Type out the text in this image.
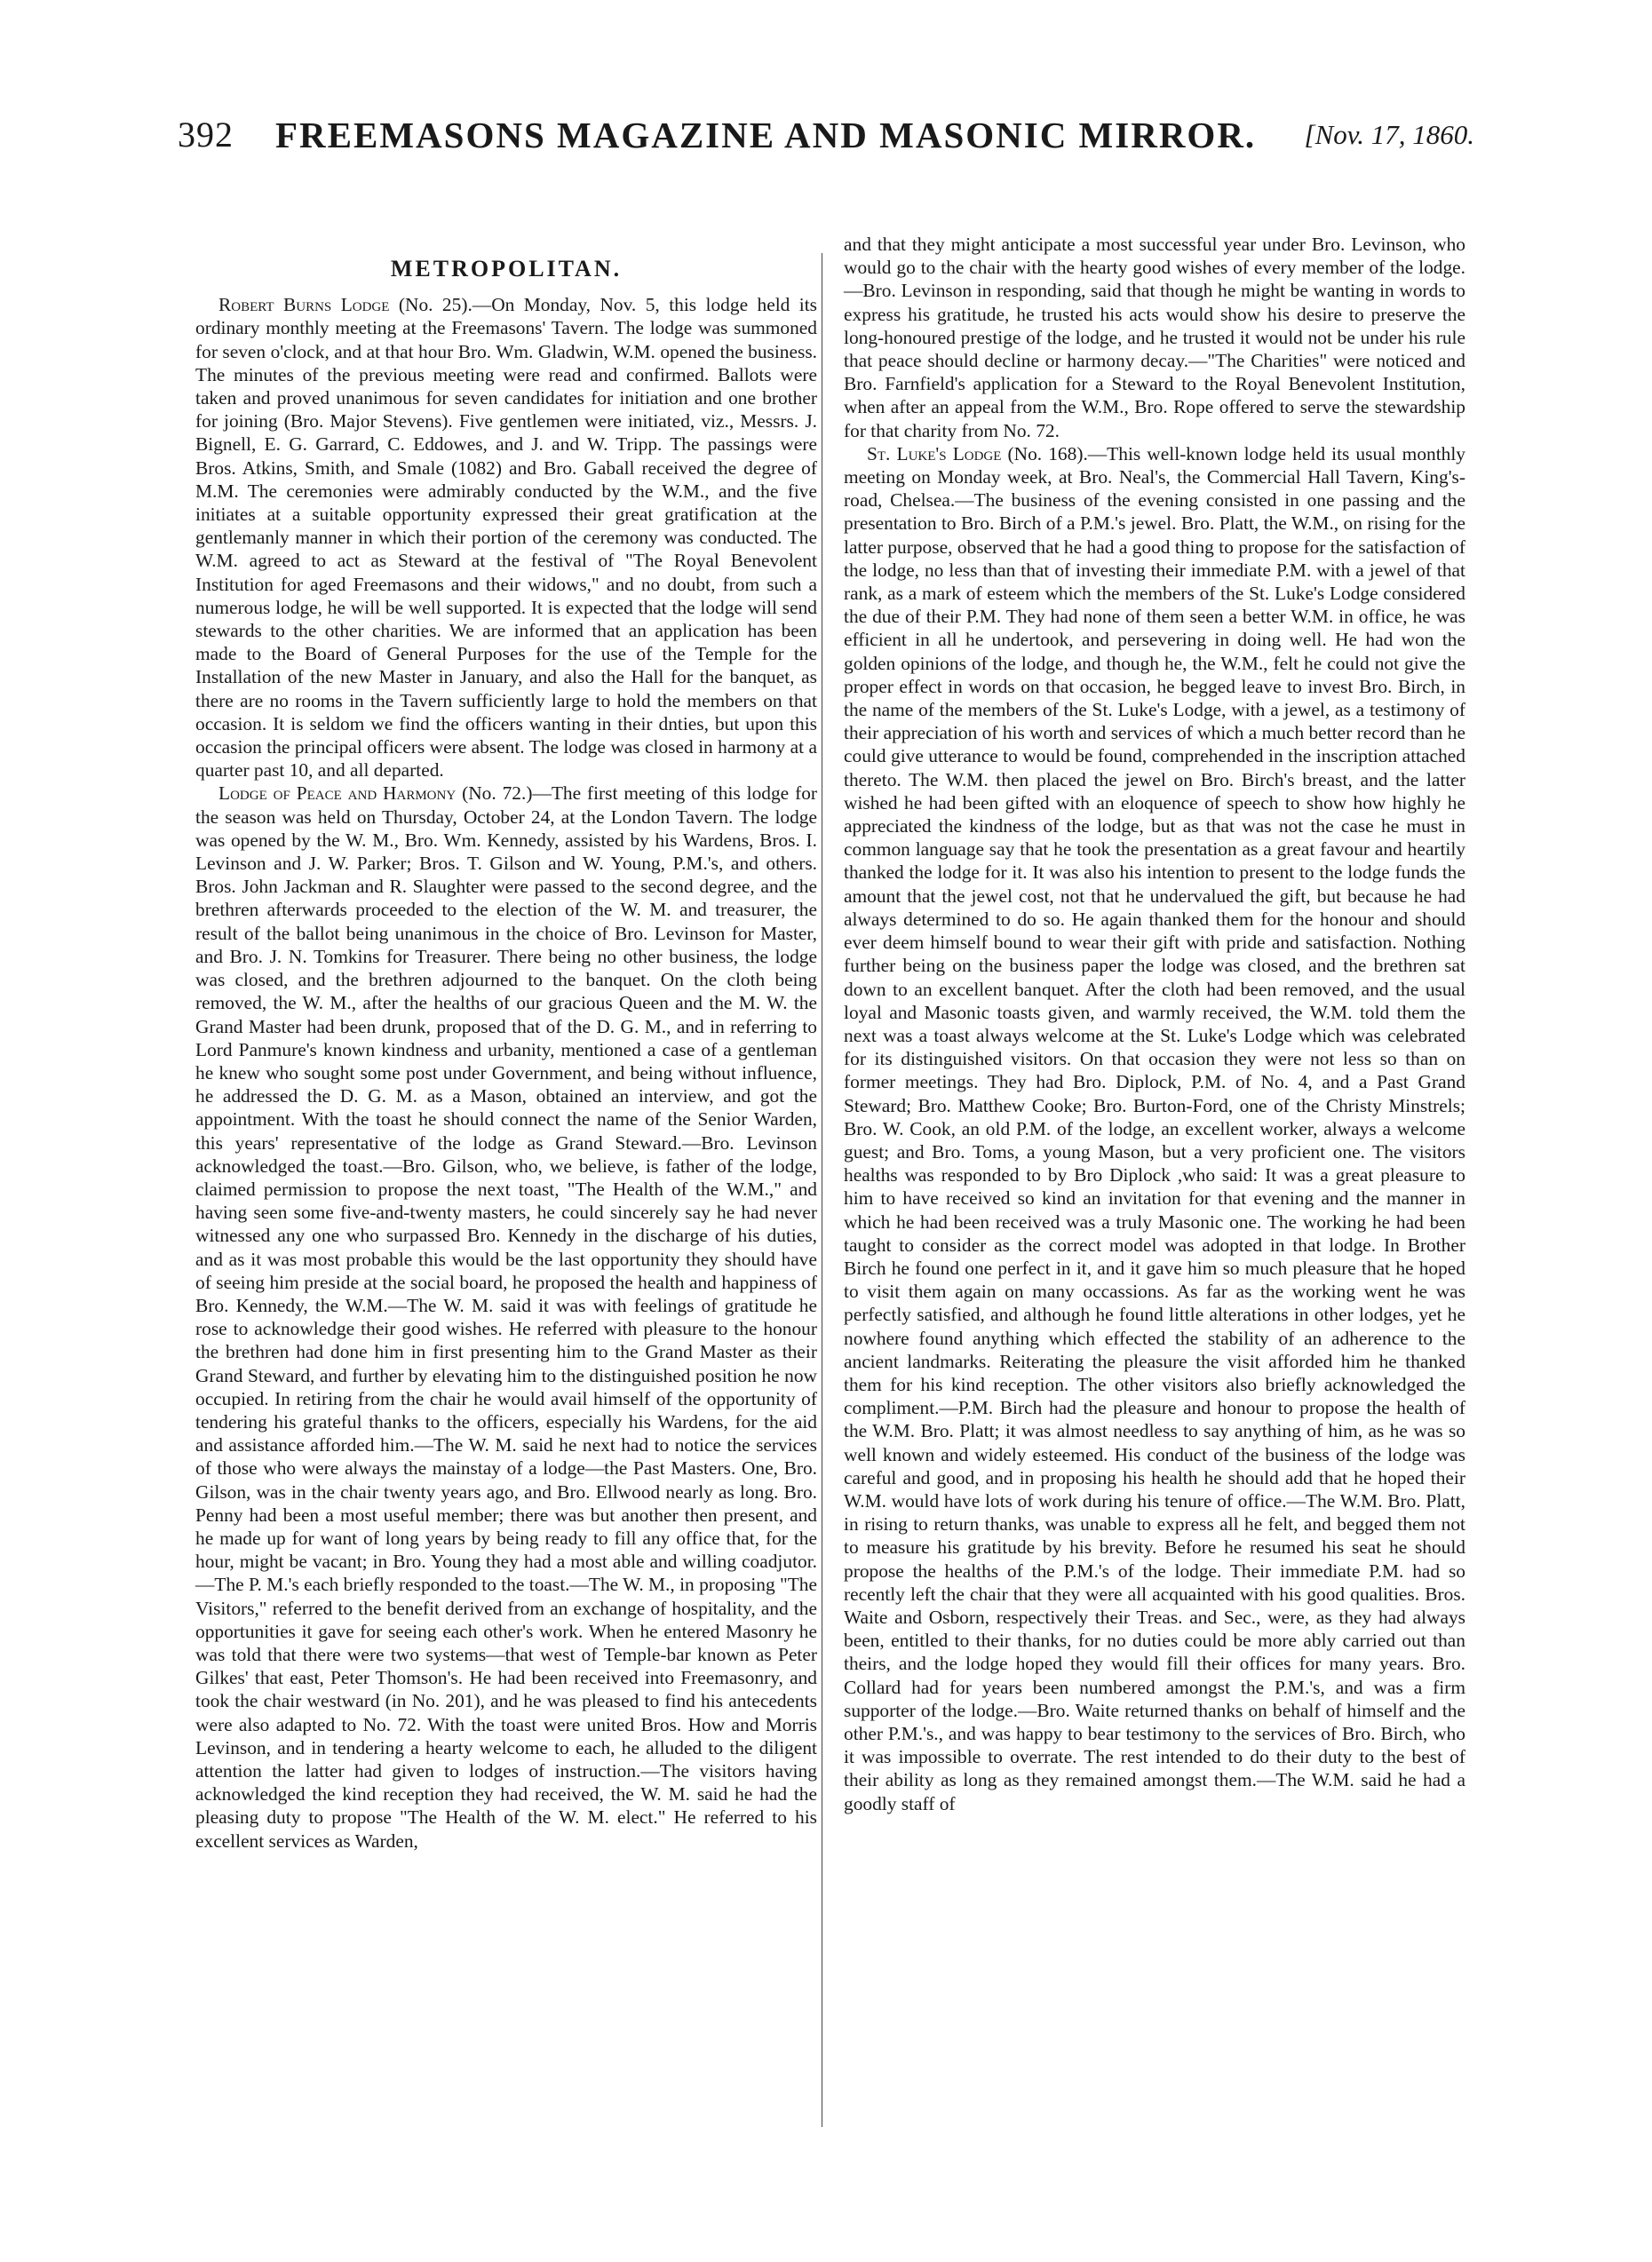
392 FREEMASONS MAGAZINE AND MASONIC MIRROR. [Nov. 17, 1860.
METROPOLITAN.

Robert Burns Lodge (No. 25).—On Monday, Nov. 5, this lodge held its ordinary monthly meeting at the Freemasons' Tavern. The lodge was summoned for seven o'clock, and at that hour Bro. Wm. Gladwin, W.M. opened the business. The minutes of the previous meeting were read and confirmed. Ballots were taken and proved unanimous for seven candidates for initiation and one brother for joining (Bro. Major Stevens). Five gentlemen were initiated, viz., Messrs. J. Bignell, E. G. Garrard, C. Eddowes, and J. and W. Tripp. The passings were Bros. Atkins, Smith, and Smale (1082) and Bro. Gaball received the degree of M.M. The ceremonies were admirably conducted by the W.M., and the five initiates at a suitable opportunity expressed their great gratification at the gentlemanly manner in which their portion of the ceremony was conducted. The W.M. agreed to act as Steward at the festival of "The Royal Benevolent Institution for aged Freemasons and their widows," and no doubt, from such a numerous lodge, he will be well supported. It is expected that the lodge will send stewards to the other charities. We are informed that an application has been made to the Board of General Purposes for the use of the Temple for the Installation of the new Master in January, and also the Hall for the banquet, as there are no rooms in the Tavern sufficiently large to hold the members on that occasion. It is seldom we find the officers wanting in their dnties, but upon this occasion the principal officers were absent. The lodge was closed in harmony at a quarter past 10, and all departed.

Lodge of Peace and Harmony (No. 72.)—The first meeting of this lodge for the season was held on Thursday, October 24, at the London Tavern. The lodge was opened by the W. M., Bro. Wm. Kennedy, assisted by his Wardens, Bros. I. Levinson and J. W. Parker; Bros. T. Gilson and W. Young, P.M.'s, and others. Bros. John Jackman and R. Slaughter were passed to the second degree, and the brethren afterwards proceeded to the election of the W. M. and treasurer, the result of the ballot being unanimous in the choice of Bro. Levinson for Master, and Bro. J. N. Tomkins for Treasurer. There being no other business, the lodge was closed, and the brethren adjourned to the banquet. On the cloth being removed, the W. M., after the healths of our gracious Queen and the M. W. the Grand Master had been drunk, proposed that of the D. G. M., and in referring to Lord Panmure's known kindness and urbanity, mentioned a case of a gentleman he knew who sought some post under Government, and being without influence, he addressed the D. G. M. as a Mason, obtained an interview, and got the appointment. With the toast he should connect the name of the Senior Warden, this years' representative of the lodge as Grand Steward.—Bro. Levinson acknowledged the toast.—Bro. Gilson, who, we believe, is father of the lodge, claimed permission to propose the next toast, "The Health of the W.M.," and having seen some five-and-twenty masters, he could sincerely say he had never witnessed any one who surpassed Bro. Kennedy in the discharge of his duties, and as it was most probable this would be the last opportunity they should have of seeing him preside at the social board, he proposed the health and happiness of Bro. Kennedy, the W.M.—The W. M. said it was with feelings of gratitude he rose to acknowledge their good wishes. He referred with pleasure to the honour the brethren had done him in first presenting him to the Grand Master as their Grand Steward, and further by elevating him to the distinguished position he now occupied. In retiring from the chair he would avail himself of the opportunity of tendering his grateful thanks to the officers, especially his Wardens, for the aid and assistance afforded him.—The W. M. said he next had to notice the services of those who were always the mainstay of a lodge—the Past Masters. One, Bro. Gilson, was in the chair twenty years ago, and Bro. Ellwood nearly as long. Bro. Penny had been a most useful member; there was but another then present, and he made up for want of long years by being ready to fill any office that, for the hour, might be vacant; in Bro. Young they had a most able and willing coadjutor.—The P. M.'s each briefly responded to the toast.—The W. M., in proposing "The Visitors," referred to the benefit derived from an exchange of hospitality, and the opportunities it gave for seeing each other's work. When he entered Masonry he was told that there were two systems—that west of Temple-bar known as Peter Gilkes' that east, Peter Thomson's. He had been received into Freemasonry, and took the chair westward (in No. 201), and he was pleased to find his antecedents were also adapted to No. 72. With the toast were united Bros. How and Morris Levinson, and in tendering a hearty welcome to each, he alluded to the diligent attention the latter had given to lodges of instruction.—The visitors having acknowledged the kind reception they had received, the W. M. said he had the pleasing duty to propose "The Health of the W. M. elect." He referred to his excellent services as Warden,

and that they might anticipate a most successful year under Bro. Levinson, who would go to the chair with the hearty good wishes of every member of the lodge.—Bro. Levinson in responding, said that though he might be wanting in words to express his gratitude, he trusted his acts would show his desire to preserve the long-honoured prestige of the lodge, and he trusted it would not be under his rule that peace should decline or harmony decay.—"The Charities" were noticed and Bro. Farnfield's application for a Steward to the Royal Benevolent Institution, when after an appeal from the W.M., Bro. Rope offered to serve the stewardship for that charity from No. 72.

St. Luke's Lodge (No. 168).—This well-known lodge held its usual monthly meeting on Monday week, at Bro. Neal's, the Commercial Hall Tavern, King's-road, Chelsea.—The business of the evening consisted in one passing and the presentation to Bro. Birch of a P.M.'s jewel. Bro. Platt, the W.M., on rising for the latter purpose, observed that he had a good thing to propose for the satisfaction of the lodge, no less than that of investing their immediate P.M. with a jewel of that rank, as a mark of esteem which the members of the St. Luke's Lodge considered the due of their P.M. They had none of them seen a better W.M. in office, he was efficient in all he undertook, and persevering in doing well. He had won the golden opinions of the lodge, and though he, the W.M., felt he could not give the proper effect in words on that occasion, he begged leave to invest Bro. Birch, in the name of the members of the St. Luke's Lodge, with a jewel, as a testimony of their appreciation of his worth and services of which a much better record than he could give utterance to would be found, comprehended in the inscription attached thereto. The W.M. then placed the jewel on Bro. Birch's breast, and the latter wished he had been gifted with an eloquence of speech to show how highly he appreciated the kindness of the lodge, but as that was not the case he must in common language say that he took the presentation as a great favour and heartily thanked the lodge for it. It was also his intention to present to the lodge funds the amount that the jewel cost, not that he undervalued the gift, but because he had always determined to do so. He again thanked them for the honour and should ever deem himself bound to wear their gift with pride and satisfaction. Nothing further being on the business paper the lodge was closed, and the brethren sat down to an excellent banquet. After the cloth had been removed, and the usual loyal and Masonic toasts given, and warmly received, the W.M. told them the next was a toast always welcome at the St. Luke's Lodge which was celebrated for its distinguished visitors. On that occasion they were not less so than on former meetings. They had Bro. Diplock, P.M. of No. 4, and a Past Grand Steward; Bro. Matthew Cooke; Bro. Burton-Ford, one of the Christy Minstrels; Bro. W. Cook, an old P.M. of the lodge, an excellent worker, always a welcome guest; and Bro. Toms, a young Mason, but a very proficient one. The visitors healths was responded to by Bro Diplock ,who said: It was a great pleasure to him to have received so kind an invitation for that evening and the manner in which he had been received was a truly Masonic one. The working he had been taught to consider as the correct model was adopted in that lodge. In Brother Birch he found one perfect in it, and it gave him so much pleasure that he hoped to visit them again on many occassions. As far as the working went he was perfectly satisfied, and although he found little alterations in other lodges, yet he nowhere found anything which effected the stability of an adherence to the ancient landmarks. Reiterating the pleasure the visit afforded him he thanked them for his kind reception. The other visitors also briefly acknowledged the compliment.—P.M. Birch had the pleasure and honour to propose the health of the W.M. Bro. Platt; it was almost needless to say anything of him, as he was so well known and widely esteemed. His conduct of the business of the lodge was careful and good, and in proposing his health he should add that he hoped their W.M. would have lots of work during his tenure of office.—The W.M. Bro. Platt, in rising to return thanks, was unable to express all he felt, and begged them not to measure his gratitude by his brevity. Before he resumed his seat he should propose the healths of the P.M.'s of the lodge. Their immediate P.M. had so recently left the chair that they were all acquainted with his good qualities. Bros. Waite and Osborn, respectively their Treas. and Sec., were, as they had always been, entitled to their thanks, for no duties could be more ably carried out than theirs, and the lodge hoped they would fill their offices for many years. Bro. Collard had for years been numbered amongst the P.M.'s, and was a firm supporter of the lodge.—Bro. Waite returned thanks on behalf of himself and the other P.M.'s., and was happy to bear testimony to the services of Bro. Birch, who it was impossible to overrate. The rest intended to do their duty to the best of their ability as long as they remained amongst them.—The W.M. said he had a goodly staff of
